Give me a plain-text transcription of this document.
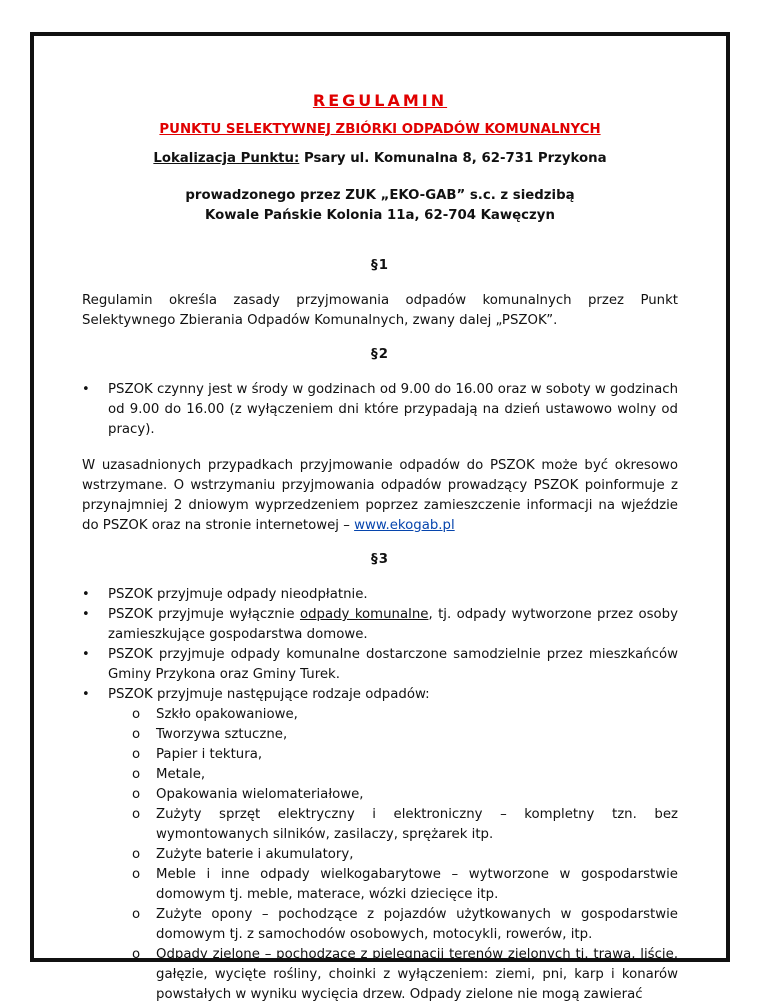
REGULAMIN
PUNKTU SELEKTYWNEJ ZBIÓRKI ODPADÓW KOMUNALNYCH
Lokalizacja Punktu: Psary ul. Komunalna 8, 62-731 Przykona
prowadzonego przez ZUK „EKO-GAB” s.c. z siedzibą
Kowale Pańskie Kolonia 11a, 62-704 Kawęczyn
§1

Regulamin określa zasady przyjmowania odpadów komunalnych przez Punkt Selektywnego Zbierania Odpadów Komunalnych, zwany dalej „PSZOK”.

§2
• PSZOK czynny jest w środy w godzinach od 9.00 do 16.00 oraz w soboty w godzinach od 9.00 do 16.00 (z wyłączeniem dni które przypadają na dzień ustawowo wolny od pracy).

W uzasadnionych przypadkach przyjmowanie odpadów do PSZOK może być okresowo wstrzymane. O wstrzymaniu przyjmowania odpadów prowadzący PSZOK poinformuje z przynajmniej 2 dniowym wyprzedzeniem poprzez zamieszczenie informacji na wjeździe do PSZOK oraz na stronie internetowej – www.ekogab.pl

§3
• PSZOK przyjmuje odpady nieodpłatnie.
• PSZOK przyjmuje wyłącznie odpady komunalne, tj. odpady wytworzone przez osoby zamieszkujące gospodarstwa domowe.
• PSZOK przyjmuje odpady komunalne dostarczone samodzielnie przez mieszkańców Gminy Przykona oraz Gminy Turek.
• PSZOK przyjmuje następujące rodzaje odpadów:
o Szkło opakowaniowe,
o Tworzywa sztuczne,
o Papier i tektura,
o Metale,
o Opakowania wielomateriałowe,
o Zużyty sprzęt elektryczny i elektroniczny – kompletny tzn. bez wymontowanych silników, zasilaczy, sprężarek itp.
o Zużyte baterie i akumulatory,
o Meble i inne odpady wielkogabarytowe – wytworzone w gospodarstwie domowym tj. meble, materace, wózki dziecięce itp.
o Zużyte opony – pochodzące z pojazdów użytkowanych w gospodarstwie domowym tj. z samochodów osobowych, motocykli, rowerów, itp.
o Odpady zielone – pochodzące z pielęgnacji terenów zielonych tj. trawa, liście, gałęzie, wycięte rośliny, choinki z wyłączeniem: ziemi, pni, karp i konarów powstałych w wyniku wycięcia drzew. Odpady zielone nie mogą zawierać
